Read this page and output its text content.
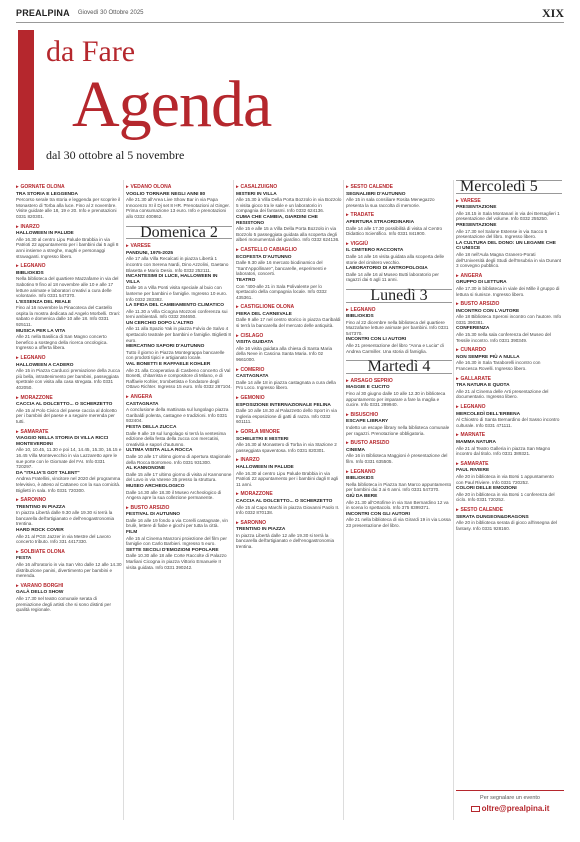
PREALPINA Giovedì 30 Ottobre 2025	XIX
da Fare
Agenda
dal 30 ottobre al 5 novembre
▸ GORNATE OLONA
TRA STORIA E LEGGENDA

Percorso serale tra storia e leggenda per scoprire il Monastero di Torba alla luce. Fino al 2 novembre. Visite guidate alle 18, 19 e 20. Info e prenotazioni 0331 820301.

▸ INARZO
HALLOWEEN IN PALUDE

Alle 16.30 al centro Lipu Palude Brabbia in via Patrioti 22 appuntamento per i bambini dai 5 agli 8 anni insieme a streghe, maghi e personaggi stravaganti. Ingresso libero.

▸ LEGNANO
BIBLIOKIDS

Nella biblioteca del quartiere Mazzafame in via del Sabotino 9 fino al 18 novembre alle 10 e alle 17 letture animate e laboratori creativi a cura delle volontarie. Info 0331 547370.

L'ESSENZA DEL REALE

Fino al 16 novembre la Pinacoteca del Castello ospita la mostra dedicata ad Angelo Morbelli. Orari: sabato e domenica dalle 10 alle 18. Info 0331 925111.

MUSICA PER LA VITA

Alle 21 nella Basilica di San Magno concerto benefico a sostegno della ricerca oncologica. Ingresso a offerta libera.

▸ LEGNANO
HALLOWEEN A CADERO

Alle 15 in Piazza Carducci premiazione della zucca più bella, intrattenimento per bambini, passeggiata spettrale con visita alla casa stregata. Info 0331 402050.

▸ MORAZZONE
CACCIA AL DOLCETTO... O SCHERZETTO

Alle 15 al Polo Civico del paese caccia al dolcetto per i bambini del paese e a seguire merenda per tutti.

▸ SAMARATE
VIAGGIO NELLA STORIA DI VILLA RICCI MONTEVERDINI

Alle 10, 10.45, 11.30 e poi 14, 14.45, 15.30, 16.15 e 16.45 Villa Montevecchio in via Lazzaretto apre le sue porte con le Giornate del FAI. Info 0331 720297.

DA "ITALIA'S GOT TALENT"

Andrea Fratellini, vincitore nel 2020 del programma televisivo, è atteso al Cattaneo con la sua comicità. Biglietti in sala. Info 0331 720300.

▸ SARONNO
TRENTINO IN PIAZZA

In piazza Libertà dalle 9.30 alle 19.30 si terrà la bancarella dell'artigianato e dell'enogastronomia trentina.

HARD ROCK COVER

Alle 21 al PGS Jazzer in via Mestre del Lavoro concerto tributo. Info 331 4417330.

▸ SOLBIATE OLONA
FESTA

Alle 16 all'oratorio in via San Vito dalle 12 alle 14.30 distribuzione panini, divertimento per bambini e merenda.

▸ VARANO BORGHI
GALÀ DELLO SHOW

Alle 17.30 nel teatro comunale serata di premiazione degli artisti che si sono distinti per qualità regionale.

▸ VEDANO OLONA
VOGLIO TORNARE NEGLI ANNI 80

Alle 21.30 all'Area Live Show Bar in via Papa Innocenzo XI il Dj set 8 HR. Prenotazioni al Ginger. Prima consumazione 13 euro. Info e prenotazioni allo 0332 400862.

Domenica 2
▸ VARESE
PANDUNI, 1975-2025

Alle 17 alla Villa Recalcati in piazza Libertà 1 incontro con Serena Nardi, Dino Azzolini, Gaetano Blasetta e Mario Desio. Info 0332 252111.

INCANTESIMI DI LUCE, HALLOWEEN IN VILLA

Dalle 16 a Villa Ponti visita speciale al buio con lanterne per bambini e famiglie. Ingresso 10 euro. Info 0332 283382.

LA SFIDA DEL CAMBIAMENTO CLIMATICO

Alle 11.30 a Villa Cicogna Mozzoni conferenza sui temi ambientali. Info 0332 284650.

UN CERCHIO DOPO L'ALTRO

Alle 11 alla Spazio Yak in piazza Fulvio de Salvo 4 spettacolo teatrale per bambini e famiglie. Biglietti 8 euro.

MERCATINO SAPORI D'AUTUNNO

Tutto il giorno in Piazza Montegrappa bancarelle con prodotti tipici e artigianato locale.

VAL BONETTI E RAFFAELE KOHLER

Alle 21 alla Cooperativa di Casbeno concerto di Val Bonetti, chitarrista e compositore di Milano, e di Raffaele Kohler, trombettista e fondatore degli Ottavo Richter. Ingresso 15 euro. Info 0332 287104.

▸ ANGERA
CASTAGNATA

A conclusione della mattinata sul lungolago piazza Garibaldi polenta, castagne e tradizioni. Info 0331 932404.

FESTA DELLA ZUCCA

Dalle 9 alle 19 sul lungolago si terrà la ventesima edizione della festa della zucca con mercatini, creatività e sapori d'autunno.

ULTIMA VISITA ALLA ROCCA

Dalle 10 alle 17 ultimo giorno di apertura stagionale della Rocca Borromeo. Info 0331 931300.

AL KANNONONE

Dalle 15 alle 17 ultimo giorno di visita al Kannonone del Lavo in via Varese 35 presso la struttura.

MUSEO ARCHEOLOGICO

Dalle 14.30 alle 18.30 il Museo Archeologico di Angera apre la sua collezione permanente.

▸ BUSTO ARSIZIO
FESTIVAL DI AUTUNNO

Dalle 16 alle 19 fondo a via Corelli castagnate, vin brulè, lettere di fiabe e giochi per tutta la città.

FILM

Alle 15 al Cinema Manzoni proiezione del film per famiglie con Carlo Barbieri. Ingresso 5 euro.

SETTE SECOLI D'EMOZIONI POPOLARE

Dalle 10.30 alle 18 alle Corte Raccolte di Palazzo Marliani Cicogna in piazza Vittorio Emanuele II visita guidata. Info 0331 390242.

▸ CASALZUIGNO
MISTERI IN VILLA

Alle 15.30 à Villa Della Porta Bozzolo in via Bozzolo 5 visita gioco tra le sale e un laboratorio in compagnia dei fantasmi. Info 0332 624136.

CUMA CHE CAMBIA, GIARDINI CHE RESISTONO

Alle 15 e alle 15 a Villa Della Porta Bozzolo in via Bozzolo 5 passeggiata guidata alla scoperta degli alberi monumentali del giardino. Info 0332 624136.

▸ CASTELLO CABIAGLIO
ECOFESTA D'AUTUNNO

Dalle 9.30 alle 16 mercato biodinamico del "Sant'Appollinare", bancarelle, esperimenti e laboratori, concerti.

TEATRO

Con "400-alle 21 in Sala Polivalente per lo spettacolo della compagnia locale. Info 0332 435361.

▸ CASTIGLIONE OLONA
FIERA DEL CARNEVALE

Dalle 9 alle 17 nel centro storico in piazza Garibaldi si terrà la bancarella del mercato delle antiquità.

▸ CISLAGO
VISITA GUIDATA

Alle 16 visita guidata alla chiesa di Santa Maria della Neve in Cascina Santa Maria. Info 02 9661000.

▸ COMERIO
CASTAGNATA

Dalle 14 alle 18 in piazza castagnata a cura della Pro Loco. Ingresso libero.

▸ GEMONIO
ESPOSIZIONE INTERNAZIONALE FELINA

Dalle 10 alle 18.30 al Palazzetto dello Sport in via Ingleria esposizione di gatti di razza. Info 0332 601111.

▸ GORLA MINORE
SCHELETRI E MISTERI

Alle 16.30 al Monastero di Torba in via Stazione 2 passeggiata spaventosa. Info 0331 820301.

▸ INARZO
HALLOWEEN IN PALUDE

Alle 16.30 al centro Lipu Palude Brabbia in via Patrioti 22 appuntamento per i bambini dagli 8 agli 11 anni.

▸ MORAZZONE
CACCIA AL DOLCETTO... O SCHERZETTO

Alle 15 al Capo Marchi in piazza Giovanni Paolo II. Info 0332 870138.

▸ SARONNO
TRENTINO IN PIAZZA

In piazza Libertà dalle 12 alle 19.30 si terrà la bancarella dell'artigianato e dell'enogastronomia trentina.

▸ SESTO CALENDE
SEGNALIBRI D'AUTUNNO

Alle 15 in sala consiliare Rosita Menegazzo presenta la sua raccolta di memorie.

▸ TRADATE
APERTURA STRAORDINARIA

Dalle 14 alle 17.30 possibilità di visita al Centro Didattico Scientifico. Info 0331 841900.

▸ VIGGIÙ
IL CIMITERO RACCONTA

Dalle 14 alle 16 visita guidata alla scoperta delle storie del cimitero vecchio.

LABORATORIO DI ANTROPOLOGIA

Dalle 14 alle 16 al Museo Butti laboratorio per ragazzi dai 6 agli 11 anni.

Lunedì 3
▸ LEGNANO
BIBLIOKIDS

Fino al 22 dicembre nella biblioteca del quartiere Mazzafame letture animate per bambini. Info 0331 547370.

INCONTRI CON LI AUTORI

Alle 21 presentazione del libro "Anna e Lucia" di Andrea Carmiller. Una storia di famiglia.

Martedì 4
▸ ARSAGO SEPRIO
MAGGIE E CUCITO

Fino al 30 giugno dalle 10 alle 12.30 in biblioteca appuntamento per imparare a fare la maglia e cucire. Info 0331 299940.

▸ BISUSCHIO
ESCAPE LIBRARY

Indetto un escape library nella biblioteca comunale per ragazzi. Prenotazione obbligatoria.

▸ BUSTO ARSIZIO
CINEMA

Alle 16 in Biblioteca Maggioni è presentazione del film. Info 0331 635505.

▸ LEGNANO
BIBLIOKIDS

Nella biblioteca in Piazza San Marco appuntamento per bambini dai 3 ai 6 anni. Info 0331 547370.

GIÙ DA BERE

Alle 21.30 all'Ortofime in via San Bernardino 12 va in scena lo spettacolo. Info 375 8399371.

INCONTRI CON GLI AUTORI

Alle 21 nella biblioteca di via Girardi 19 in via Lossa 23 presentazione del libro.

Mercoledì 5
▸ VARESE
PRESENTAZIONE

Alle 18.15 in Sala Montanari in via dei Bersaglieri 1 presentazione del volume. Info 0332 255250.

PRESENTAZIONE

Alle 17.30 nel Salone Estense in via Sacco 5 presentazione del libro. Ingresso libero.

LA CULTURA DEL DONO: UN LEGAME CHE CI UNISCE

Alle 18 nell'Aula Magna Granero-Porati dell'Università degli Studi dell'Insubria in via Dunant 3 convegno pubblico.

▸ ANGERA
GRUPPO DI LETTURA

Alle 17.30 in biblioteca in viale dei Mille il gruppo di lettura si riunisce. Ingresso libero.

▸ BUSTO ARSIZIO
INCONTRO CON L'AUTORE

Alle 18 Biblioteca Speroni incontro con l'autore. Info 0331 390381.

CONFERENZA

Alle 15.30 nella sala conferenza del Museo del Tessile incontro. Info 0331 390349.

▸ CUNARDO
NON SEMPRE PIÙ A NULLA

Alle 16.30 in Sala Taraborelli incontro con Francesca Rovelli. Ingresso libero.

▸ GALLARATE
TRA NATURA E QUOTA

Alle 21 al Cinema delle Arti presentazione del documentario. Ingresso libero.

▸ LEGNANO
MERCOLEDÌ DELL'ERBENA

Al Chiostro di Santa Bernardino del Sasso incontro culturale. Info 0331 471111.

▸ MARNATE
MAMMA NATURA

Alle 21 al Teatro Galleria in piazza San Magno incontro dal titolo. Info 0331 389321.

▸ SAMARATE
PAUL RIVIERE

Alle 20 in biblioteca in via Borsi 1 appuntamento con Paul Riviere. Info 0331 720252.

COLORI DELLE EMOZIONI

Alle 20 in biblioteca in via Borsi 1 conferenza del ciclo. Info 0331 720252.

▸ SESTO CALENDE
SERATA DUNGEON&DRAGONS

Alle 20 in biblioteca serata di gioco all'insegna del fantasy. Info 0331 928160.

Per segnalare un evento
oltre@prealpina.it
